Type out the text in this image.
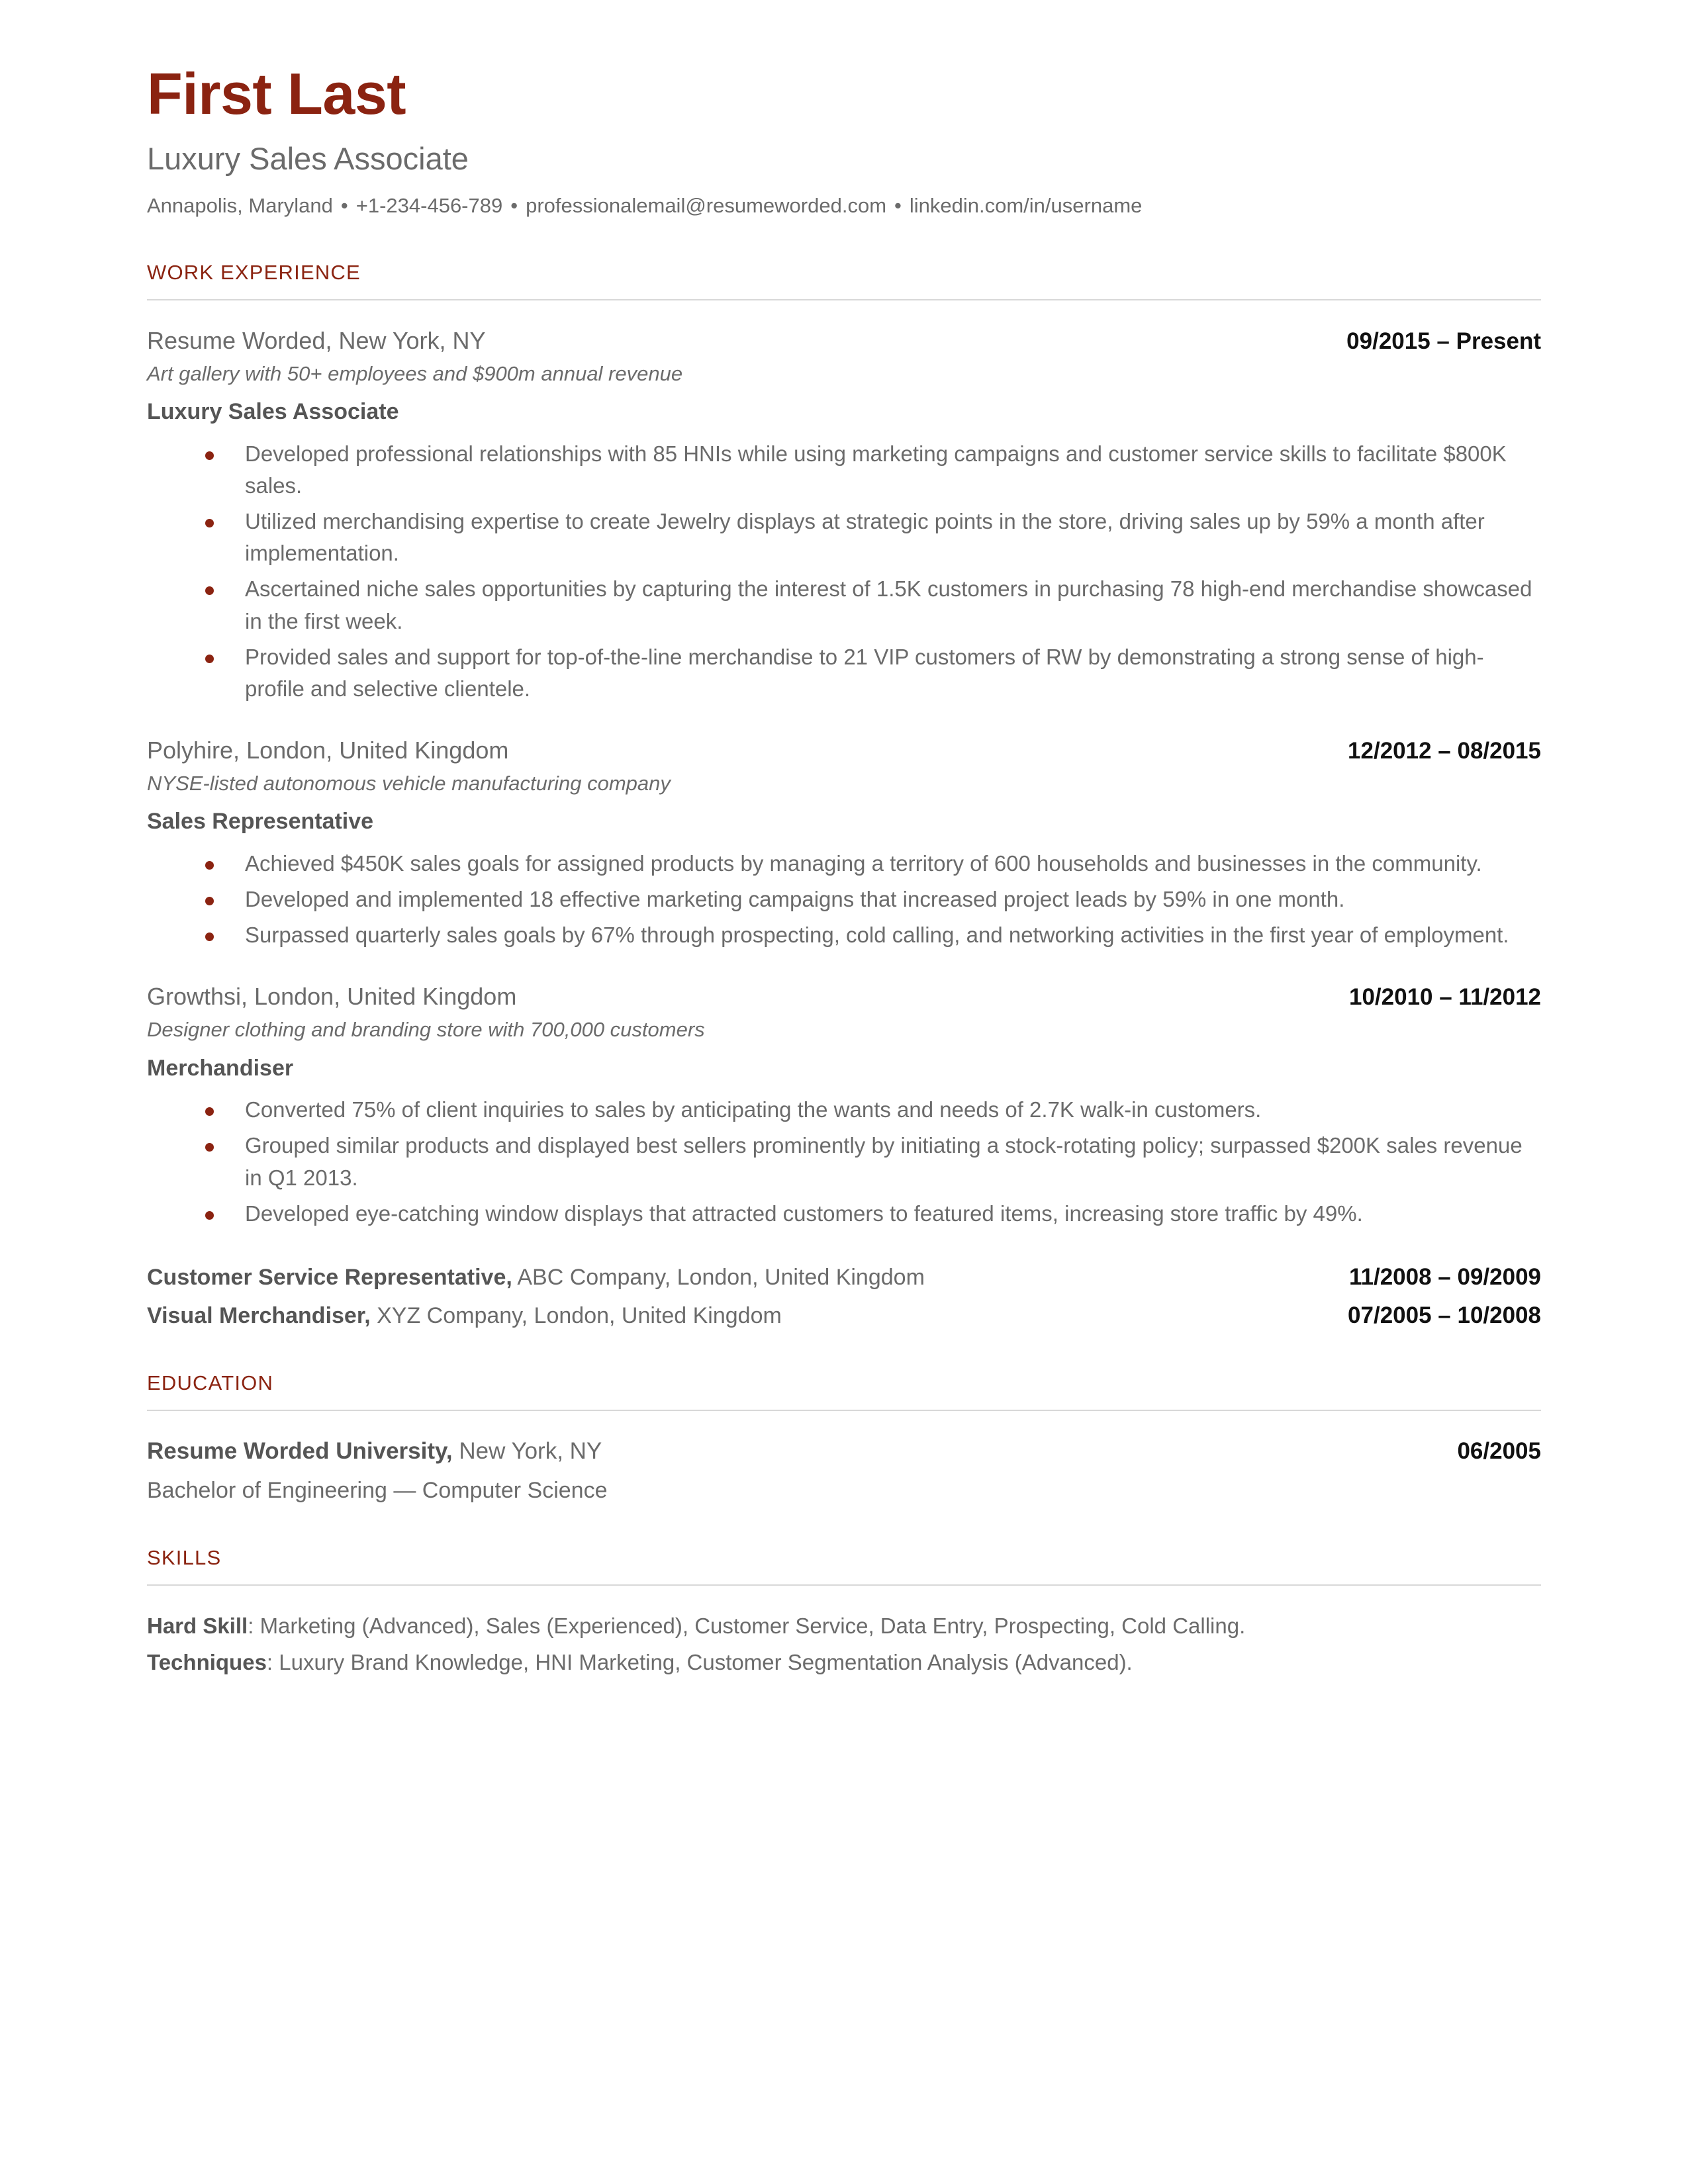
First Last
Luxury Sales Associate
Annapolis, Maryland • +1-234-456-789 • professionalemail@resumeworded.com • linkedin.com/in/username
WORK EXPERIENCE
Resume Worded, New York, NY	09/2015 – Present
Art gallery with 50+ employees and $900m annual revenue
Luxury Sales Associate
Developed professional relationships with 85 HNIs while using marketing campaigns and customer service skills to facilitate $800K sales.
Utilized merchandising expertise to create Jewelry displays at strategic points in the store, driving sales up by 59% a month after implementation.
Ascertained niche sales opportunities by capturing the interest of 1.5K customers in purchasing 78 high-end merchandise showcased in the first week.
Provided sales and support for top-of-the-line merchandise to 21 VIP customers of RW by demonstrating a strong sense of high-profile and selective clientele.
Polyhire, London, United Kingdom	12/2012 – 08/2015
NYSE-listed autonomous vehicle manufacturing company
Sales Representative
Achieved $450K sales goals for assigned products by managing a territory of 600 households and businesses in the community.
Developed and implemented 18 effective marketing campaigns that increased project leads by 59% in one month.
Surpassed quarterly sales goals by 67% through prospecting, cold calling, and networking activities in the first year of employment.
Growthsi, London, United Kingdom	10/2010 – 11/2012
Designer clothing and branding store with 700,000 customers
Merchandiser
Converted 75% of client inquiries to sales by anticipating the wants and needs of 2.7K walk-in customers.
Grouped similar products and displayed best sellers prominently by initiating a stock-rotating policy; surpassed $200K sales revenue in Q1 2013.
Developed eye-catching window displays that attracted customers to featured items, increasing store traffic by 49%.
Customer Service Representative, ABC Company, London, United Kingdom	11/2008 – 09/2009
Visual Merchandiser, XYZ Company, London, United Kingdom	07/2005 – 10/2008
EDUCATION
Resume Worded University, New York, NY	06/2005
Bachelor of Engineering — Computer Science
SKILLS
Hard Skill: Marketing (Advanced), Sales (Experienced), Customer Service, Data Entry, Prospecting, Cold Calling.
Techniques: Luxury Brand Knowledge, HNI Marketing, Customer Segmentation Analysis (Advanced).
